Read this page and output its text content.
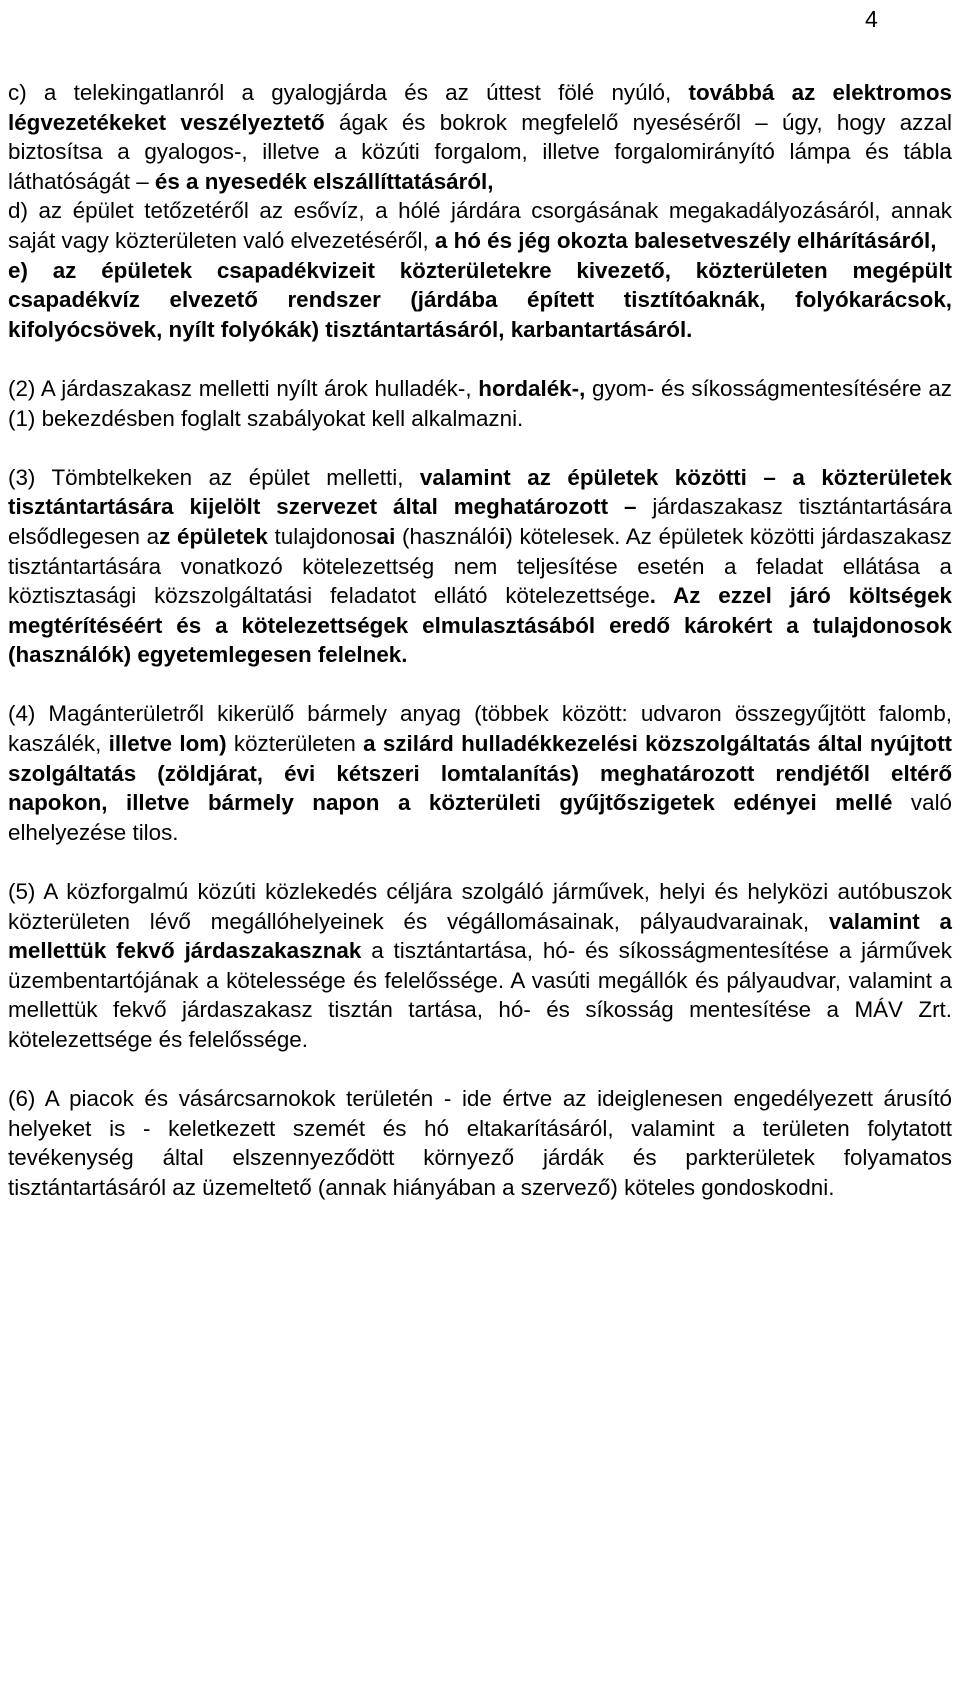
4

c) a telekingatlanról a gyalogjárda és az úttest fölé nyúló, továbbá az elektromos légvezetékeket veszélyeztető ágak és bokrok megfelelő nyeséséről – úgy, hogy azzal biztosítsa a gyalogos-, illetve a közúti forgalom, illetve forgalomirányító lámpa és tábla láthatóságát – és a nyesedék elszállíttatásáról,
d) az épület tetőzetéről az esővíz, a hólé járdára csorgásának megakadályozásáról, annak saját vagy közterületen való elvezetéséről, a hó és jég okozta balesetveszély elhárításáról,
e) az épületek csapadékvizeit közterületekre kivezető, közterületen megépült csapadékvíz elvezető rendszer (járdába épített tisztítóaknák, folyókarácsok, kifolyócsövek, nyílt folyókák) tisztántartásáról, karbantartásáról.

(2) A járdaszakasz melletti nyílt árok hulladék-, hordalék-, gyom- és síkosságmentesítésére az (1) bekezdésben foglalt szabályokat kell alkalmazni.

(3) Tömbtelkeken az épület melletti, valamint az épületek közötti – a közterületek tisztántartására kijelölt szervezet által meghatározott – járdaszakasz tisztántartására elsődlegesen az épületek tulajdonosai (használói) kötelesek. Az épületek közötti járdaszakasz tisztántartására vonatkozó kötelezettség nem teljesítése esetén a feladat ellátása a köztisztasági közszolgáltatási feladatot ellátó kötelezettsége. Az ezzel járó költségek megtérítéséért és a kötelezettségek elmulasztásából eredő károkért a tulajdonosok (használók) egyetemlegesen felelnek.

(4) Magánterületről kikerülő bármely anyag (többek között: udvaron összegyűjtött falomb, kaszálék, illetve lom) közterületen a szilárd hulladékkezelési közszolgáltatás által nyújtott szolgáltatás (zöldjárat, évi kétszeri lomtalanítás) meghatározott rendjétől eltérő napokon, illetve bármely napon a közterületi gyűjtőszigetek edényei mellé való elhelyezése tilos.

(5) A közforgalmú közúti közlekedés céljára szolgáló járművek, helyi és helyközi autóbuszok közterületen lévő megállóhelyeinek és végállomásainak, pályaudvarainak, valamint a mellettük fekvő járdaszakasznak a tisztántartása, hó- és síkosságmentesítése a járművek üzembentartójának a kötelessége és felelőssége. A vasúti megállók és pályaudvar, valamint a mellettük fekvő járdaszakasz tisztán tartása, hó- és síkosság mentesítése a MÁV Zrt. kötelezettsége és felelőssége.

(6) A piacok és vásárcsarnokok területén - ide értve az ideiglenesen engedélyezett árusító helyeket is - keletkezett szemét és hó eltakarításáról, valamint a területen folytatott tevékenység által elszennyeződött környező járdák és parkterületek folyamatos tisztántartásáról az üzemeltető (annak hiányában a szervező) köteles gondoskodni.
